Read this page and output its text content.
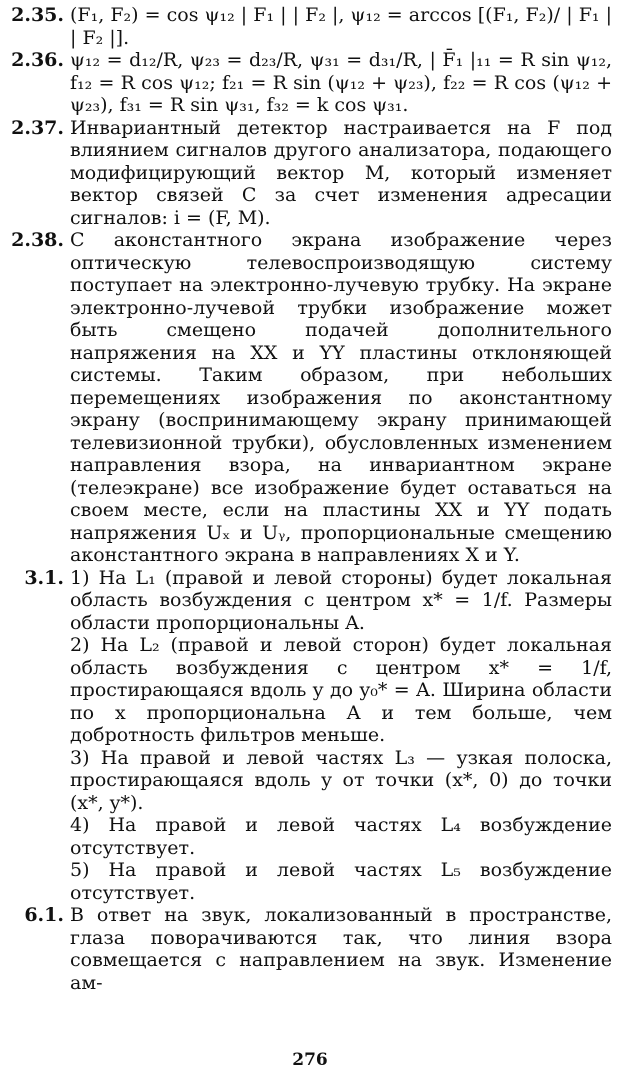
2.35. (F₁, F₂) = cos ψ₁₂ | F₁ | | F₂ |, ψ₁₂ = arccos [(F₁, F₂)/ | F₁ | | F₂ |].

2.36. ψ₁₂ = d₁₂/R, ψ₂₃ = d₂₃/R, ψ₃₁ = d₃₁/R, | F̄₁ |₁₁ = R sin ψ₁₂, f₁₂ = R cos ψ₁₂; f₂₁ = R sin (ψ₁₂ + ψ₂₃), f₂₂ = R cos (ψ₁₂ + ψ₂₃), f₃₁ = R sin ψ₃₁, f₃₂ = k cos ψ₃₁.

2.37. Инвариантный детектор настраивается на F под влиянием сигналов другого анализатора, подающего модифицирующий вектор M, который изменяет вектор связей C за счет изменения адресации сигналов: i = (F, M).

2.38. С аконстантного экрана изображение через оптическую телевоспроизводящую систему поступает на электронно-лучевую трубку. На экране электронно-лучевой трубки изображение может быть смещено подачей дополнительного напряжения на XX и YY пластины отклоняющей системы. Таким образом, при небольших перемещениях изображения по аконстантному экрану (воспринимающему экрану принимающей телевизионной трубки), обусловленных изменением направления взора, на инвариантном экране (телеэкране) все изображение будет оставаться на своем месте, если на пластины XX и YY подать напряжения Uₓ и Uᵧ, пропорциональные смещению аконстантного экрана в направлениях X и Y.

3.1. 1) На L₁ (правой и левой стороны) будет локальная область возбуждения с центром x* = 1/f. Размеры области пропорциональны A.

2) На L₂ (правой и левой сторон) будет локальная область возбуждения с центром x* = 1/f, простирающаяся вдоль y до y₀* = A. Ширина области по x пропорциональна A и тем больше, чем добротность фильтров меньше.

3) На правой и левой частях L₃ — узкая полоска, простирающаяся вдоль y от точки (x*, 0) до точки (x*, y*).

4) На правой и левой частях L₄ возбуждение отсутствует.

5) На правой и левой частях L₅ возбуждение отсутствует.

6.1. В ответ на звук, локализованный в пространстве, глаза поворачиваются так, что линия взора совмещается с направлением на звук. Изменение ам-

276
